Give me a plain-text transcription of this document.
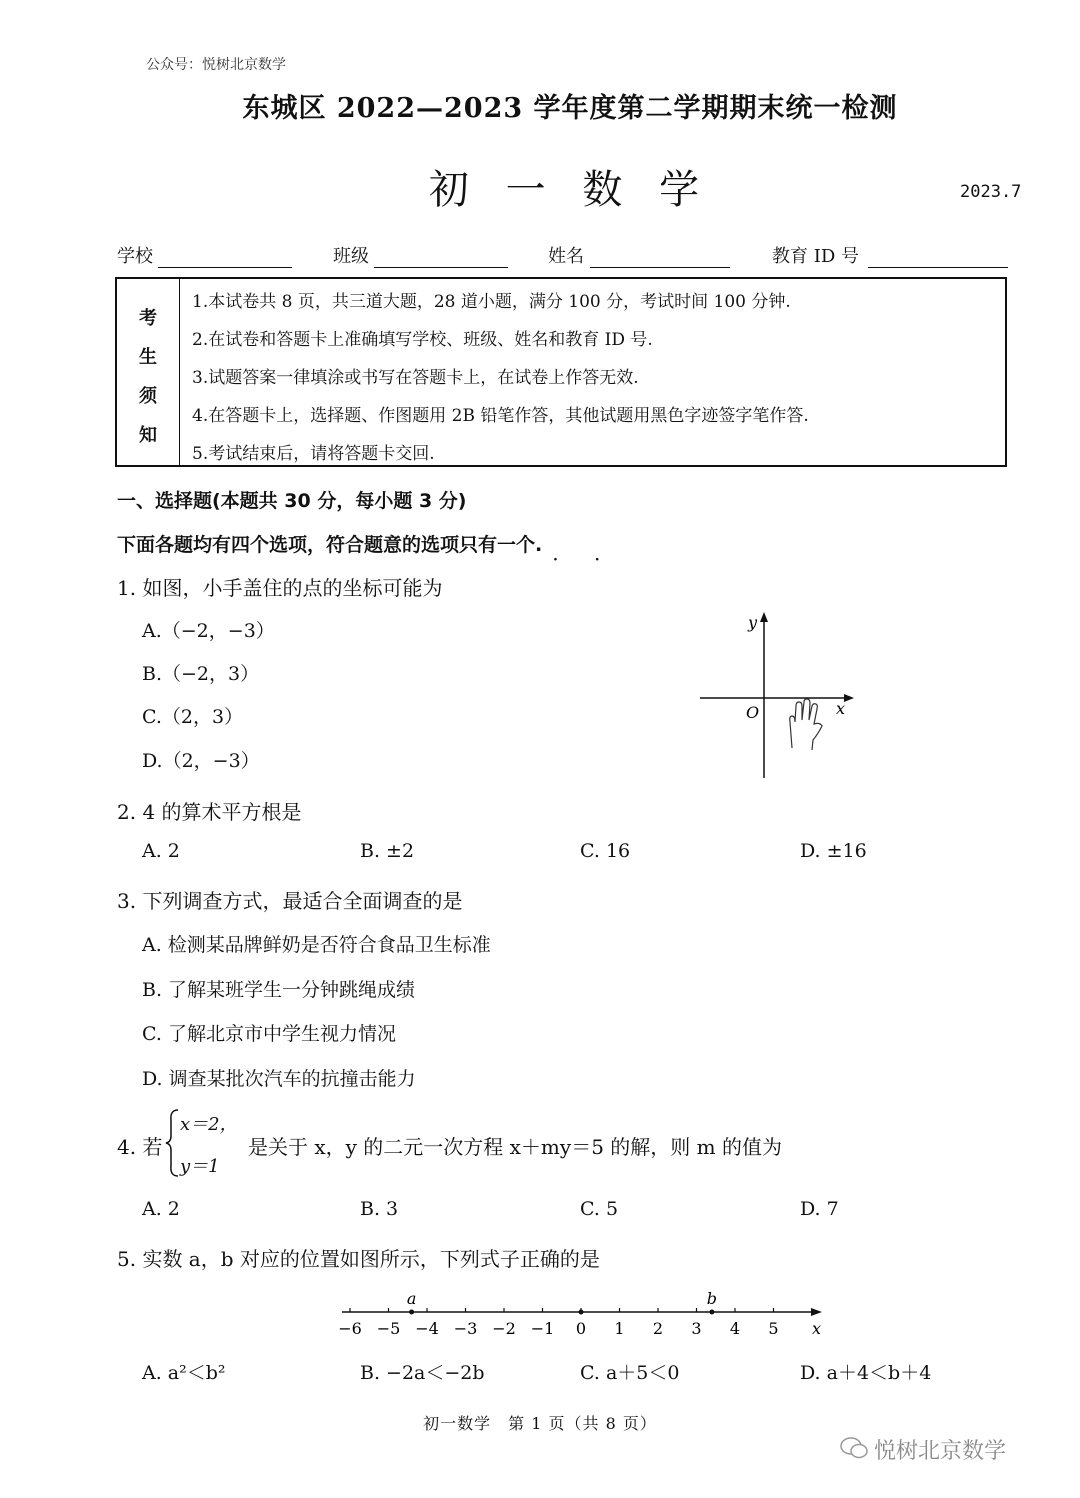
公众号：悦树北京数学
东城区 2022—2023 学年度第二学期期末统一检测
初 一 数 学	2023.7
学校	班级	姓名	教育 ID 号
考
生
须
知
1.本试卷共 8 页，共三道大题，28 道小题，满分 100 分，考试时间 100 分钟.
2.在试卷和答题卡上准确填写学校、班级、姓名和教育 ID 号.
3.试题答案一律填涂或书写在答题卡上，在试卷上作答无效.
4.在答题卡上，选择题、作图题用 2B 铅笔作答，其他试题用黑色字迹签字笔作答.
5.考试结束后，请将答题卡交回.
一、选择题(本题共 30 分，每小题 3 分)
下面各题均有四个选项，符合题意的选项只有一个.
· ·
1. 如图，小手盖住的点的坐标可能为
A.（−2，−3）
B.（−2，3）
C.（2，3）
D.（2，−3）
y
x
O
2. 4 的算术平方根是
A. 2	B. ±2	C. 16	D. ±16
3. 下列调查方式，最适合全面调查的是
A. 检测某品牌鲜奶是否符合食品卫生标准
B. 了解某班学生一分钟跳绳成绩
C. 了解北京市中学生视力情况
D. 调查某批次汽车的抗撞击能力
4. 若
x＝2，
y＝1
是关于 x，y 的二元一次方程 x＋my＝5 的解，则 m 的值为
A. 2	B. 3	C. 5	D. 7
5. 实数 a，b 对应的位置如图所示，下列式子正确的是
x
−6 −5 −4 −3 −2 −1 0 1 2 3 4 5
a	b
A. a²＜b²	B. −2a＜−2b	C. a＋5＜0	D. a＋4＜b＋4
初一数学　第 1 页（共 8 页）
悦树北京数学
